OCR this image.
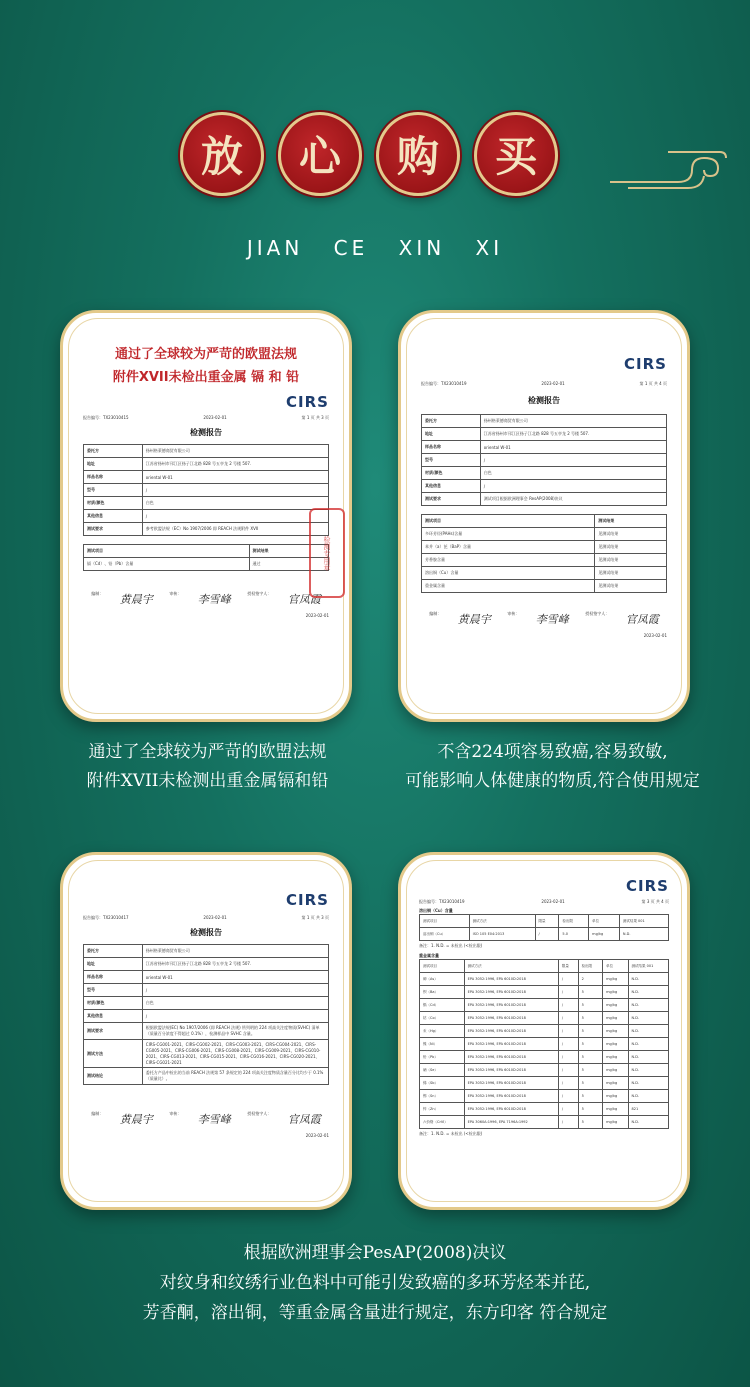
放	心	购	买
JIAN CE XIN XI
通过了全球较为严苛的欧盟法规
附件XVII未检出重金属 镉 和 铅
CIRS
报告编号：TX23010415	2023-02-01	第 1 页 共 3 页
检测报告
委托方	扬州格莱德商贸有限公司
地址	江苏省扬州市邗江区扬子江北路 828 号五亭龙 2 号楼 507.
样品名称	oriental W-01
型号	/
材质/颜色	白色
其他信息	/
测试要求	参考欧盟法规（EC）No 1907/2006 即 REACH 法规附件 XVII
测试项目	测试结果
镉（Cd）、铅（Pb）含量	通过
编制： 黄晨宇	审核： 李雪峰	授权签字人： 官凤霞
2023-02-01
检测专用章
CIRS
报告编号：TX23010419	2023-02-01	第 1 页 共 4 页
检测报告
委托方	扬州格莱德商贸有限公司
地址	江苏省扬州市邗江区扬子江北路 828 号五亭龙 2 号楼 507.
样品名称	oriental W-01
型号	/
材质/颜色	白色
其他信息	/
测试要求	测试项目根据欧洲理事会 ResAP(2008)决议
测试项目	测试结果
多环芳烃(PAHs)含量	见测试结果
苯并（a）芘（BaP）含量	见测试结果
芳香胺含量	见测试结果
溶出铜（Cu）含量	见测试结果
重金属含量	见测试结果
编制： 黄晨宇	审核： 李雪峰	授权签字人： 官凤霞
2023-02-01
通过了全球较为严苛的欧盟法规
附件XVII未检测出重金属镉和铅
不含224项容易致癌,容易致敏,
可能影响人体健康的物质,符合使用规定
CIRS
报告编号：TX23010417	2023-02-01	第 1 页 共 3 页
检测报告
委托方	扬州格莱德商贸有限公司
地址	江苏省扬州市邗江区扬子江北路 828 号五亭龙 2 号楼 507.
样品名称	oriental W-01
型号	/
材质/颜色	白色
其他信息	/
测试要求	根据欧盟法规(EC) No 1907/2006 (即 REACH 法规) 所列明的 224 项高关注度物质(SVHC) 清单（质量百分浓度不得超过 0.1%），检测样品中 SVHC 含量。
测试方法	CIRS-CG001-2021、CIRS-CG002-2021、CIRS-CG003-2021、CIRS-CG004-2021、CIRS-CG005-2021、CIRS-CG006-2021、CIRS-CG008-2021、CIRS-CG009-2021、CIRS-CG010-2021、CIRS-CG013-2021、CIRS-CG015-2021、CIRS-CG016-2021、CIRS-CG020-2021、CIRS-CG021-2021
测试结论	委托方产品中检出的当前 REACH 法规第 57 条规定的 224 项高关注度物质含量百分比均少于 0.1%（质量比）。
编制： 黄晨宇	审核： 李雪峰	授权签字人： 官凤霞
2023-02-01
CIRS
报告编号：TX23010419	2023-02-01	第 3 页 共 4 页
溶出铜（Cu）含量
测试项目	测试方法	限量	检出限	单位	测试结果 001
溶出铜（Cu）	ISO 105 E04:2013	/	5.0	mg/kg	N.D.
备注：1. N.D. = 未检出 (<检出限)
重金属含量
测试项目	测试方法	限量	检出限	单位	测试结果 001
砷（As）	EPA 3052:1996, EPA 6010D:2018	/	2	mg/kg	N.D.
钡（Ba）	EPA 3052:1996, EPA 6010D:2018	/	5	mg/kg	N.D.
镉（Cd）	EPA 3052:1996, EPA 6010D:2018	/	5	mg/kg	N.D.
钴（Co）	EPA 3052:1996, EPA 6010D:2018	/	5	mg/kg	N.D.
汞（Hg）	EPA 3052:1996, EPA 6010D:2018	/	5	mg/kg	N.D.
镍（Ni）	EPA 3052:1996, EPA 6010D:2018	/	5	mg/kg	N.D.
铅（Pb）	EPA 3052:1996, EPA 6010D:2018	/	5	mg/kg	N.D.
硒（Se）	EPA 3052:1996, EPA 6010D:2018	/	5	mg/kg	N.D.
锑（Sb）	EPA 3052:1996, EPA 6010D:2018	/	5	mg/kg	N.D.
锡（Sn）	EPA 3052:1996, EPA 6010D:2018	/	5	mg/kg	N.D.
锌（Zn）	EPA 3052:1996, EPA 6010D:2018	/	5	mg/kg	821
六价铬（CrVI）	EPA 3060A:1996, EPA 7196A:1992	/	5	mg/kg	N.D.
备注：1. N.D. = 未检出 (<检出限)
根据欧洲理事会PesAP(2008)决议
对纹身和纹绣行业色料中可能引发致癌的多环芳烃苯并芘,
芳香酮，溶出铜，等重金属含量进行规定，东方印客 符合规定
